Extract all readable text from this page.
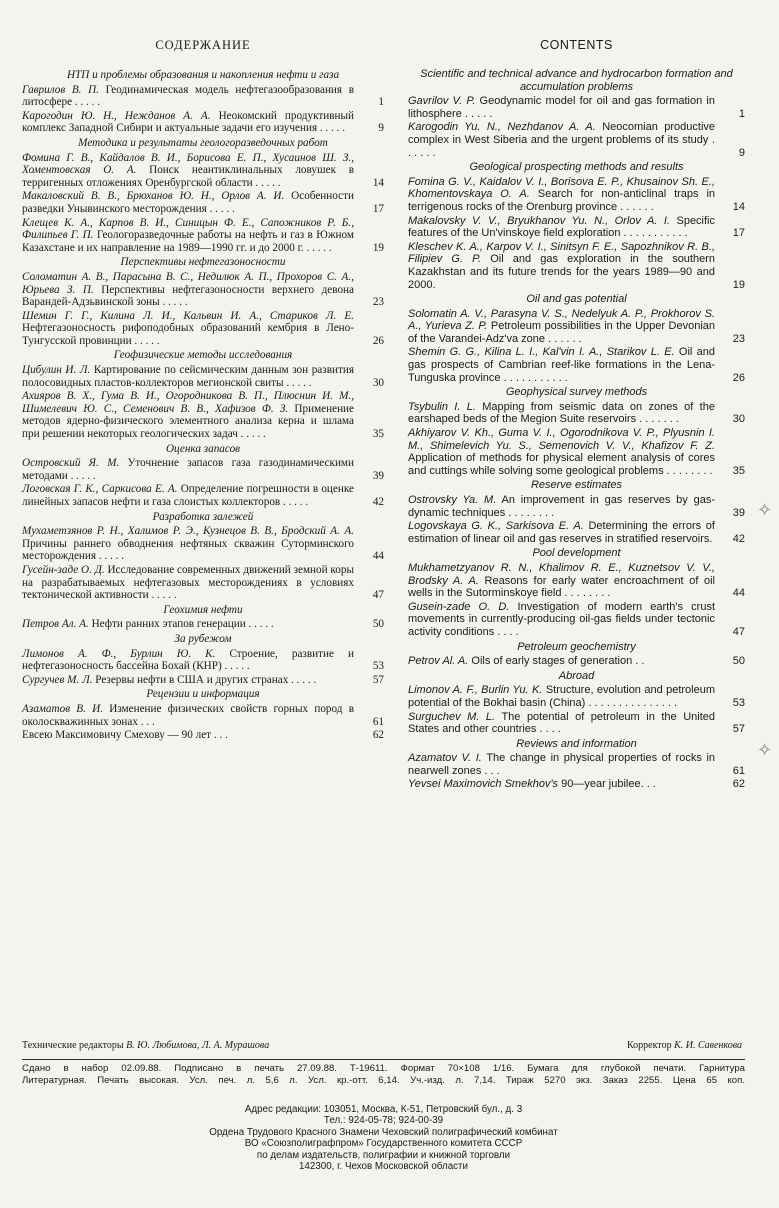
СОДЕРЖАНИЕ
НТП и проблемы образования и накопления нефти и газа
Гаврилов В. П. Геодинамическая модель нефтегазообразования в литосфере . . . . .	1
Карогодин Ю. Н., Нежданов А. А. Неокомский продуктивный комплекс Западной Сибири и актуальные задачи его изучения . . . . .	9
Методика и результаты геологоразведочных работ
Фомина Г. В., Кайдалов В. И., Борисова Е. П., Хусаинов Ш. З., Хоментовская О. А. Поиск неантиклинальных ловушек в терригенных отложениях Оренбургской области . . . . .	14
Макаловский В. В., Брюханов Ю. Н., Орлов А. И. Особенности разведки Унывинского месторождения . . . . .	17
Клещев К. А., Карпов В. И., Синицын Ф. Е., Сапожников Р. Б., Филипьев Г. П. Геологоразведочные работы на нефть и газ в Южном Казахстане и их направление на 1989—1990 гг. и до 2000 г. . . . . .	19
Перспективы нефтегазоносности
Соломатин А. В., Парасына В. С., Недилюк А. П., Прохоров С. А., Юрьева З. П. Перспективы нефтегазоносности верхнего девона Варандей-Адзьвинской зоны . . . . .	23
Шемин Г. Г., Килина Л. И., Кальвин И. А., Стариков Л. Е. Нефтегазоносность рифоподобных образований кембрия в Лено-Тунгусской провинции . . . . .	26
Геофизические методы исследования
Цибулин И. Л. Картирование по сейсмическим данным зон развития полосовидных пластов-коллекторов мегионской свиты . . . . .	30
Ахияров В. Х., Гума В. И., Огородникова В. П., Плюснин И. М., Шимелевич Ю. С., Семенович В. В., Хафизов Ф. З. Применение методов ядерно-физического элементного анализа керна и шлама при решении некоторых геологических задач . . . . .	35
Оценка запасов
Островский Я. М. Уточнение запасов газа газодинамическими методами . . . . .	39
Логовская Г. К., Саркисова Е. А. Определение погрешности в оценке линейных запасов нефти и газа слоистых коллекторов . . . . .	42
Разработка залежей
Мухаметзянов Р. Н., Халимов Р. Э., Кузнецов В. В., Бродский А. А. Причины раннего обводнения нефтяных скважин Суторминского месторождения . . . . .	44
Гусейн-заде О. Д. Исследование современных движений земной коры на разрабатываемых нефтегазовых месторождениях в условиях тектонической активности . . . . .	47
Геохимия нефти
Петров Ал. А. Нефти ранних этапов генерации . . . . .	50
За рубежом
Лимонов А. Ф., Бурлин Ю. К. Строение, развитие и нефтегазоносность бассейна Бохай (КНР) . . . . .	53
Сургучев М. Л. Резервы нефти в США и других странах . . . . .	57
Рецензии и информация
Азаматов В. И. Изменение физических свойств горных пород в околоскважинных зонах . . .	61
Евсею Максимовичу Смехову — 90 лет . . .	62
CONTENTS
Scientific and technical advance and hydrocarbon formation and accumulation problems
Gavrilov V. P. Geodynamic model for oil and gas formation in lithosphere . . . . .	1
Karogodin Yu. N., Nezhdanov A. A. Neocomian productive complex in West Siberia and the urgent problems of its study . . . . . .	9
Geological prospecting methods and results
Fomina G. V., Kaidalov V. I., Borisova E. P., Khusainov Sh. E., Khomentovskaya O. A. Search for non-anticlinal traps in terrigenous rocks of the Orenburg province . . . . . .	14
Makalovsky V. V., Bryukhanov Yu. N., Orlov A. I. Specific features of the Un'vinskoye field exploration . . . . . . . . . . .	17
Kleschev K. A., Karpov V. I., Sinitsyn F. E., Sapozhnikov R. B., Filipiev G. P. Oil and gas exploration in the southern Kazakhstan and its future trends for the years 1989—90 and 2000.	19
Oil and gas potential
Solomatin A. V., Parasyna V. S., Nedelyuk A. P., Prokhorov S. A., Yurieva Z. P. Petroleum possibilities in the Upper Devonian of the Varandei-Adz'va zone . . . . . .	23
Shemin G. G., Kilina L. I., Kal'vin I. A., Starikov L. E. Oil and gas prospects of Cambrian reef-like formations in the Lena-Tunguska province . . . . . . . . . . .	26
Geophysical survey methods
Tsybulin I. L. Mapping from seismic data on zones of the earshaped beds of the Megion Suite reservoirs . . . . . . .	30
Akhiyarov V. Kh., Guma V. I., Ogorodnikova V. P., Plyusnin I. M., Shimelevich Yu. S., Semenovich V. V., Khafizov F. Z. Application of methods for physical element analysis of cores and cuttings while solving some geological problems . . . . . . . .	35
Reserve estimates
Ostrovsky Ya. M. An improvement in gas reserves by gas-dynamic techniques . . . . . . . .	39
Logovskaya G. K., Sarkisova E. A. Determining the errors of estimation of linear oil and gas reserves in stratified reservoirs.	42
Pool development
Mukhametzyanov R. N., Khalimov R. E., Kuznetsov V. V., Brodsky A. A. Reasons for early water encroachment of oil wells in the Sutorminskoye field . . . . . . . .	44
Gusein-zade O. D. Investigation of modern earth's crust movements in currently-producing oil-gas fields under tectonic activity conditions . . . .	47
Petroleum geochemistry
Petrov Al. A. Oils of early stages of generation . .	50
Abroad
Limonov A. F., Burlin Yu. K. Structure, evolution and petroleum potential of the Bokhai basin (China) . . . . . . . . . . . . . . .	53
Surguchev M. L. The potential of petroleum in the United States and other countries . . . .	57
Reviews and information
Azamatov V. I. The change in physical properties of rocks in nearwell zones . . .	61
Yevsei Maximovich Smekhov's 90—year jubilee. . .	62
Технические редакторы В. Ю. Любимова, Л. А. Мурашова	Корректор К. И. Савенкова
Сдано в набор 02.09.88. Подписано в печать 27.09.88. Т-19611. Формат 70×108 1/16. Бумага для глубокой печати. Гарнитура
Литературная. Печать высокая. Усл. печ. л. 5,6 л. Усл. кр.-отт. 6,14. Уч.-изд. л. 7,14. Тираж 5270 экз. Заказ 2255. Цена 65 коп.
Адрес редакции: 103051, Москва, К-51, Петровский бул., д. 3
Тел.: 924-05-78; 924-00-39
Ордена Трудового Красного Знамени Чеховский полиграфический комбинат
ВО «Союзполиграфпром» Государственного комитета СССР
по делам издательств, полиграфии и книжной торговли
142300, г. Чехов Московской области
✧
✧
